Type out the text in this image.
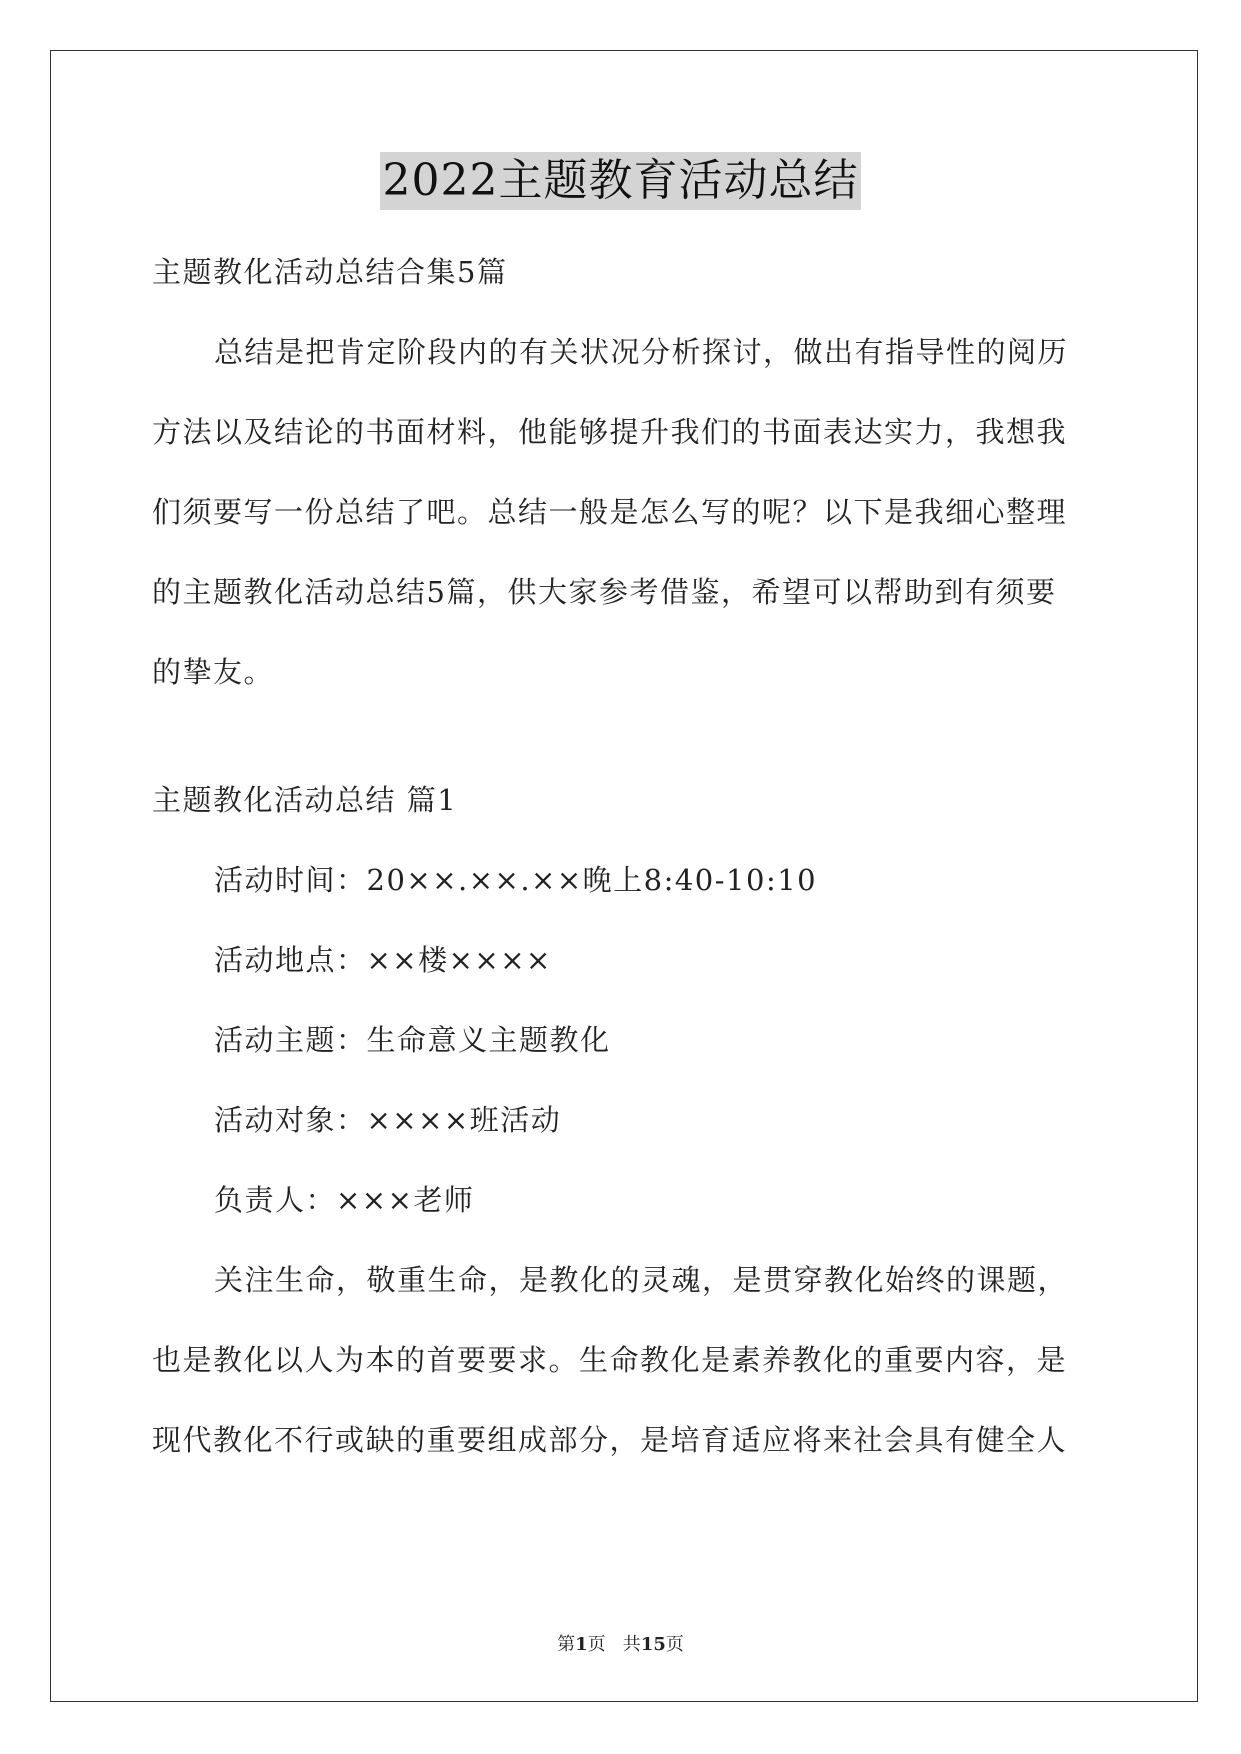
2022主题教育活动总结
主题教化活动总结合集5篇
总结是把肯定阶段内的有关状况分析探讨，做出有指导性的阅历
方法以及结论的书面材料，他能够提升我们的书面表达实力，我想我
们须要写一份总结了吧。总结一般是怎么写的呢？以下是我细心整理
的主题教化活动总结5篇，供大家参考借鉴，希望可以帮助到有须要
的挚友。
主题教化活动总结 篇1
活动时间：20××.××.××晚上8:40-10:10
活动地点：××楼××××
活动主题：生命意义主题教化
活动对象：××××班活动
负责人：×××老师
关注生命，敬重生命，是教化的灵魂，是贯穿教化始终的课题，
也是教化以人为本的首要要求。生命教化是素养教化的重要内容，是
现代教化不行或缺的重要组成部分，是培育适应将来社会具有健全人
第1页   共15页
